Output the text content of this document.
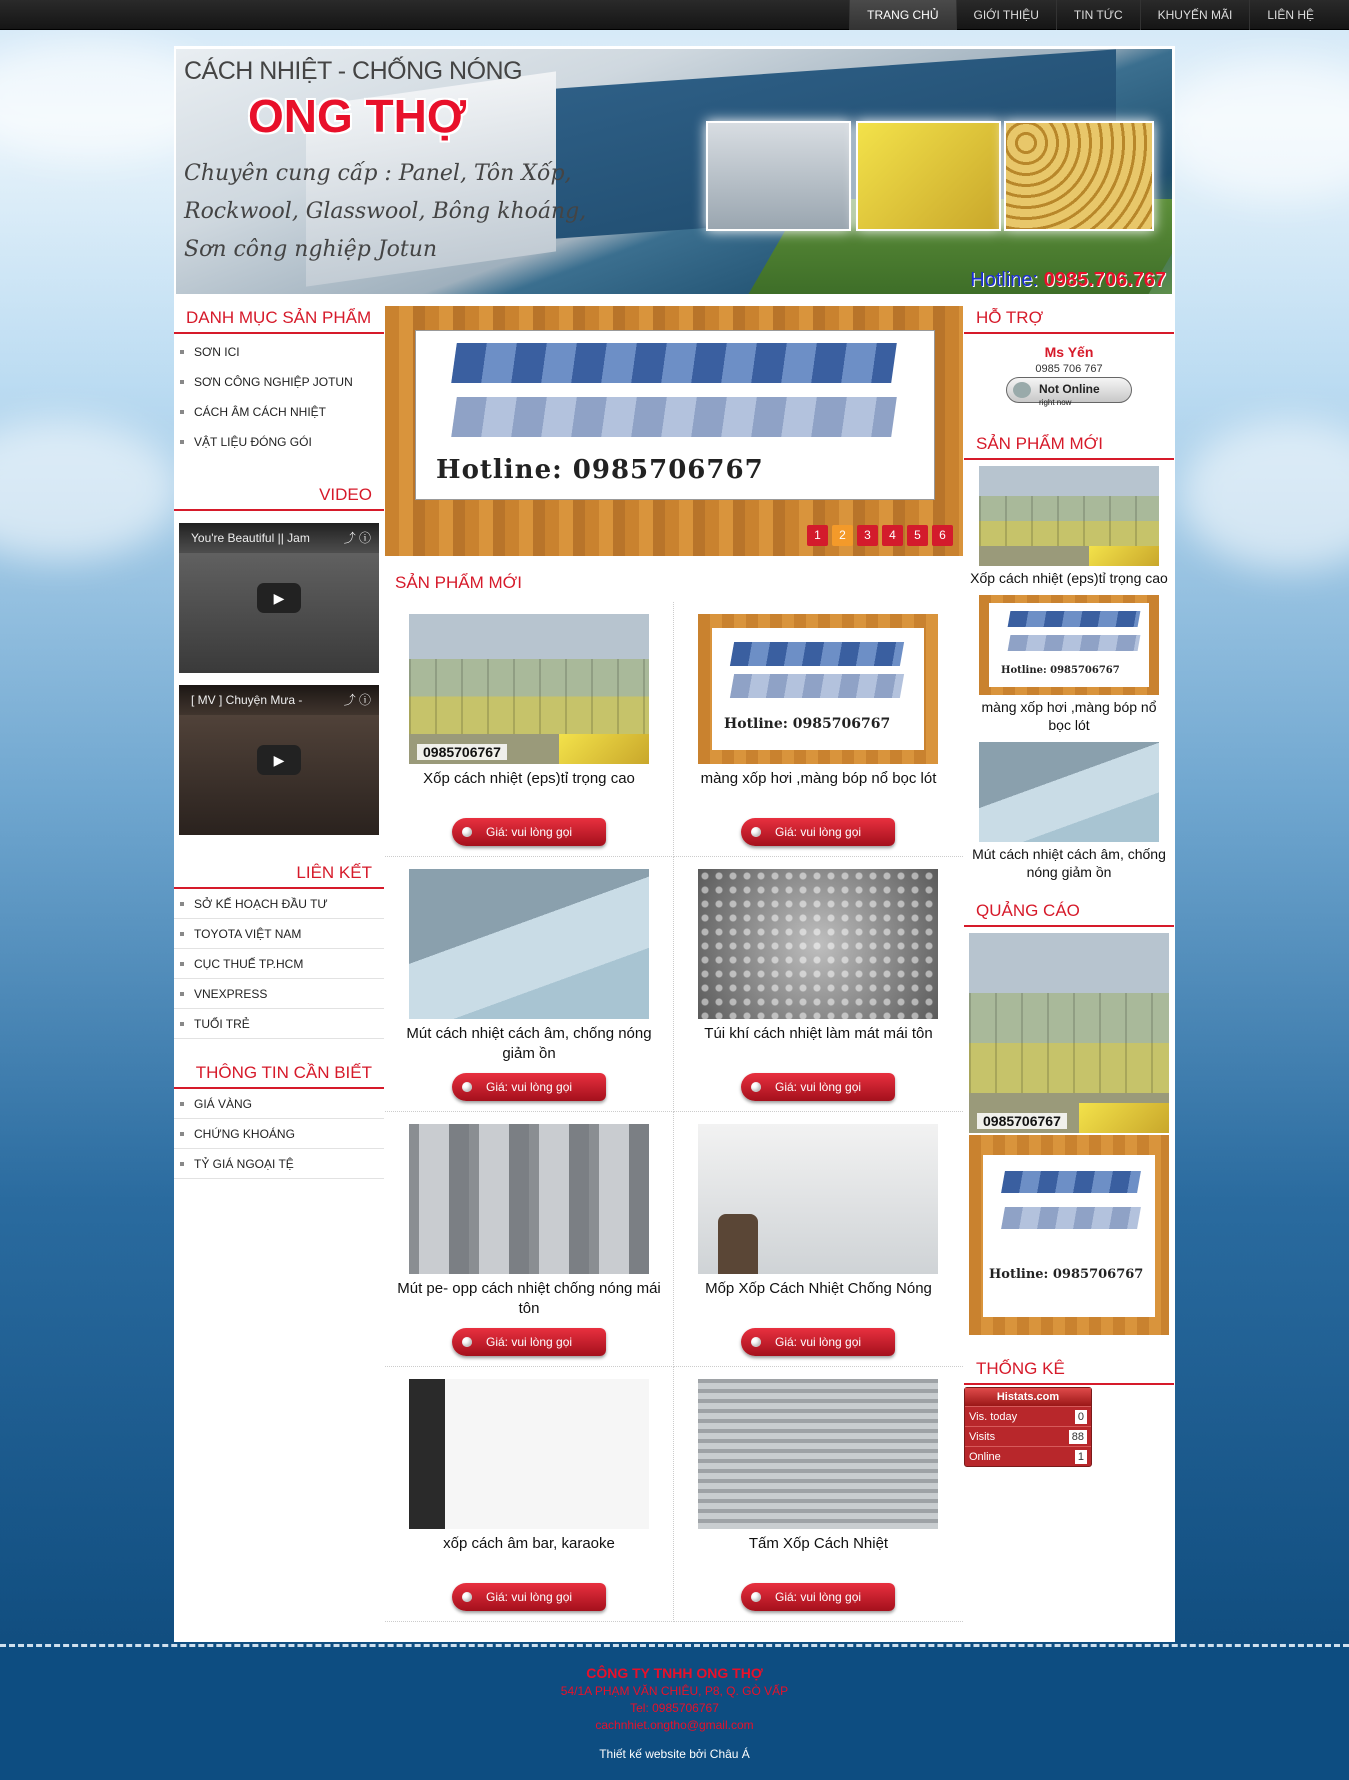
TRANG CHỦ	GIỚI THIỆU	TIN TỨC	KHUYẾN MÃI	LIÊN HỆ
CÁCH NHIỆT - CHỐNG NÓNG
ONG THỢ
Chuyên cung cấp : Panel, Tôn Xốp, Rockwool, Glasswool, Bông khoáng, Sơn công nghiệp Jotun
Hotline: 0985.706.767
DANH MỤC SẢN PHẨM
SƠN ICI
SƠN CÔNG NGHIỆP JOTUN
CÁCH ÂM CÁCH NHIỆT
VẬT LIỆU ĐÓNG GÓI
VIDEO
You're Beautiful || Jam	⤴ ⓘ
▶
[ MV ] Chuyện Mưa -	⤴ ⓘ
▶
LIÊN KẾT
SỞ KẾ HOẠCH ĐẦU TƯ
TOYOTA VIỆT NAM
CỤC THUẾ TP.HCM
VNEXPRESS
TUỔI TRẺ
THÔNG TIN CẦN BIẾT
GIÁ VÀNG
CHỨNG KHOÁNG
TỶ GIÁ NGOẠI TỆ
Hotline: 0985706767
1	2	3	4	5	6
SẢN PHẨM MỚI
0985706767
Xốp cách nhiệt (eps)tỉ trọng cao
Giá: vui lòng gọi
Hotline: 0985706767
màng xốp hơi ,màng bóp nổ bọc lót
Giá: vui lòng gọi
Mút cách nhiệt cách âm, chống nóng giảm ồn
Giá: vui lòng gọi
Túi khí cách nhiệt làm mát mái tôn
Giá: vui lòng gọi
Mút pe- opp cách nhiệt chống nóng mái tôn
Giá: vui lòng gọi
Mốp Xốp Cách Nhiệt Chống Nóng
Giá: vui lòng gọi
xốp cách âm bar, karaoke
Giá: vui lòng gọi
Tấm Xốp Cách Nhiệt
Giá: vui lòng gọi
HỖ TRỢ
Ms Yến
0985 706 767
Not Online
right now
SẢN PHẨM MỚI
Xốp cách nhiệt (eps)tỉ trọng cao
Hotline: 0985706767
màng xốp hơi ,màng bóp nổ bọc lót
Mút cách nhiệt cách âm, chống nóng giảm ồn
QUẢNG CÁO
0985706767
Hotline: 0985706767
THỐNG KÊ
Histats.com
Vis. today	0
Visits	88
Online	1
CÔNG TY TNHH ONG THỢ
54/1A PHẠM VĂN CHIÊU, P8, Q. GÒ VẤP
Tel: 0985706767
cachnhiet.ongtho@gmail.com
Thiết kế website bởi Châu Á
